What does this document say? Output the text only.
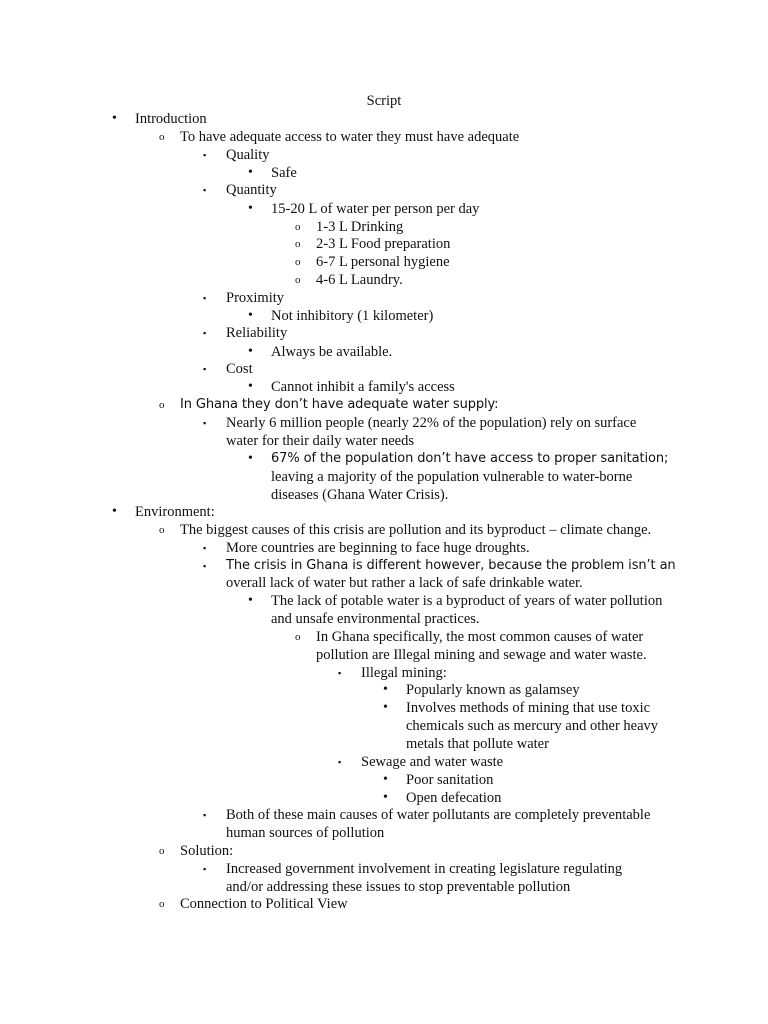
Script
• Introduction
o To have adequate access to water they must have adequate
▪ Quality
• Safe
▪ Quantity
• 15-20 L of water per person per day
o 1-3 L Drinking
o 2-3 L Food preparation
o 6-7 L personal hygiene
o 4-6 L Laundry.
▪ Proximity
• Not inhibitory (1 kilometer)
▪ Reliability
• Always be available.
▪ Cost
• Cannot inhibit a family's access
o In Ghana they don’t have adequate water supply:
▪ Nearly 6 million people (nearly 22% of the population) rely on surface
water for their daily water needs
• 67% of the population don’t have access to proper sanitation;
leaving a majority of the population vulnerable to water-borne
diseases (Ghana Water Crisis).
• Environment:
o The biggest causes of this crisis are pollution and its byproduct – climate change.
▪ More countries are beginning to face huge droughts.
▪ The crisis in Ghana is different however, because the problem isn’t an
overall lack of water but rather a lack of safe drinkable water.
• The lack of potable water is a byproduct of years of water pollution
and unsafe environmental practices.
o In Ghana specifically, the most common causes of water
pollution are Illegal mining and sewage and water waste.
▪ Illegal mining:
• Popularly known as galamsey
• Involves methods of mining that use toxic
chemicals such as mercury and other heavy
metals that pollute water
▪ Sewage and water waste
• Poor sanitation
• Open defecation
▪ Both of these main causes of water pollutants are completely preventable
human sources of pollution
o Solution:
▪ Increased government involvement in creating legislature regulating
and/or addressing these issues to stop preventable pollution
o Connection to Political View
